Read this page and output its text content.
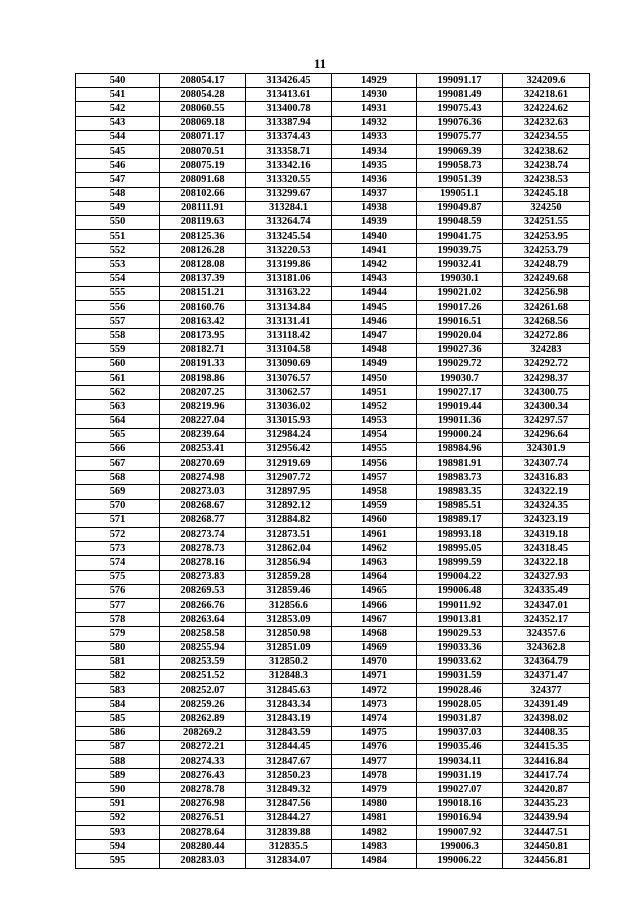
11
540	208054.17	313426.45	14929	199091.17	324209.6
541	208054.28	313413.61	14930	199081.49	324218.61
542	208060.55	313400.78	14931	199075.43	324224.62
543	208069.18	313387.94	14932	199076.36	324232.63
544	208071.17	313374.43	14933	199075.77	324234.55
545	208070.51	313358.71	14934	199069.39	324238.62
546	208075.19	313342.16	14935	199058.73	324238.74
547	208091.68	313320.55	14936	199051.39	324238.53
548	208102.66	313299.67	14937	199051.1	324245.18
549	208111.91	313284.1	14938	199049.87	324250
550	208119.63	313264.74	14939	199048.59	324251.55
551	208125.36	313245.54	14940	199041.75	324253.95
552	208126.28	313220.53	14941	199039.75	324253.79
553	208128.08	313199.86	14942	199032.41	324248.79
554	208137.39	313181.06	14943	199030.1	324249.68
555	208151.21	313163.22	14944	199021.02	324256.98
556	208160.76	313134.84	14945	199017.26	324261.68
557	208163.42	313131.41	14946	199016.51	324268.56
558	208173.95	313118.42	14947	199020.04	324272.86
559	208182.71	313104.58	14948	199027.36	324283
560	208191.33	313090.69	14949	199029.72	324292.72
561	208198.86	313076.57	14950	199030.7	324298.37
562	208207.25	313062.57	14951	199027.17	324300.75
563	208219.96	313036.02	14952	199019.44	324300.34
564	208227.04	313015.93	14953	199011.36	324297.57
565	208239.64	312984.24	14954	199000.24	324296.64
566	208253.41	312956.42	14955	198984.96	324301.9
567	208270.69	312919.69	14956	198981.91	324307.74
568	208274.98	312907.72	14957	198983.73	324316.83
569	208273.03	312897.95	14958	198983.35	324322.19
570	208268.67	312892.12	14959	198985.51	324324.35
571	208268.77	312884.82	14960	198989.17	324323.19
572	208273.74	312873.51	14961	198993.18	324319.18
573	208278.73	312862.04	14962	198995.05	324318.45
574	208278.16	312856.94	14963	198999.59	324322.18
575	208273.83	312859.28	14964	199004.22	324327.93
576	208269.53	312859.46	14965	199006.48	324335.49
577	208266.76	312856.6	14966	199011.92	324347.01
578	208263.64	312853.09	14967	199013.81	324352.17
579	208258.58	312850.98	14968	199029.53	324357.6
580	208255.94	312851.09	14969	199033.36	324362.8
581	208253.59	312850.2	14970	199033.62	324364.79
582	208251.52	312848.3	14971	199031.59	324371.47
583	208252.07	312845.63	14972	199028.46	324377
584	208259.26	312843.34	14973	199028.05	324391.49
585	208262.89	312843.19	14974	199031.87	324398.02
586	208269.2	312843.59	14975	199037.03	324408.35
587	208272.21	312844.45	14976	199035.46	324415.35
588	208274.33	312847.67	14977	199034.11	324416.84
589	208276.43	312850.23	14978	199031.19	324417.74
590	208278.78	312849.32	14979	199027.07	324420.87
591	208276.98	312847.56	14980	199018.16	324435.23
592	208276.51	312844.27	14981	199016.94	324439.94
593	208278.64	312839.88	14982	199007.92	324447.51
594	208280.44	312835.5	14983	199006.3	324450.81
595	208283.03	312834.07	14984	199006.22	324456.81
